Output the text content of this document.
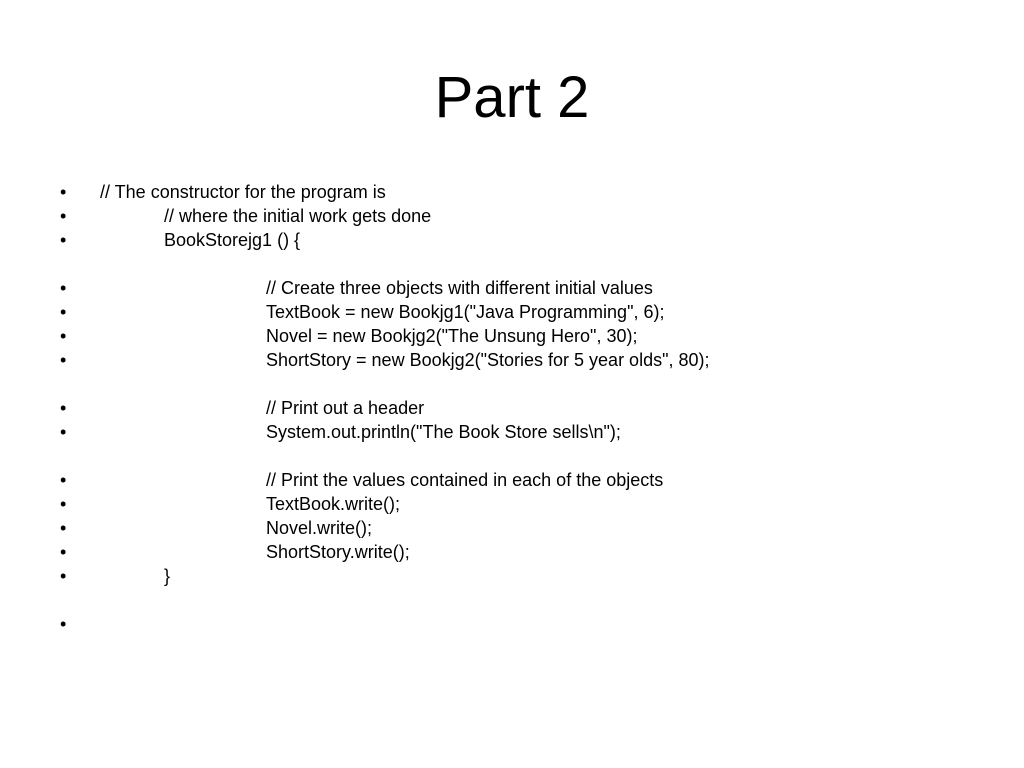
Part 2
•	// The constructor for the program is
•	// where the initial work gets done
•	BookStorejg1 () {
•	// Create three objects with different initial values
•	TextBook = new Bookjg1("Java Programming", 6);
•	Novel = new Bookjg2("The Unsung Hero", 30);
•	ShortStory = new Bookjg2("Stories for 5 year olds", 80);
•	// Print out a header
•	System.out.println("The Book Store sells\n");
•	// Print the values contained in each of the objects
•	TextBook.write();
•	Novel.write();
•	ShortStory.write();
•	}
•
